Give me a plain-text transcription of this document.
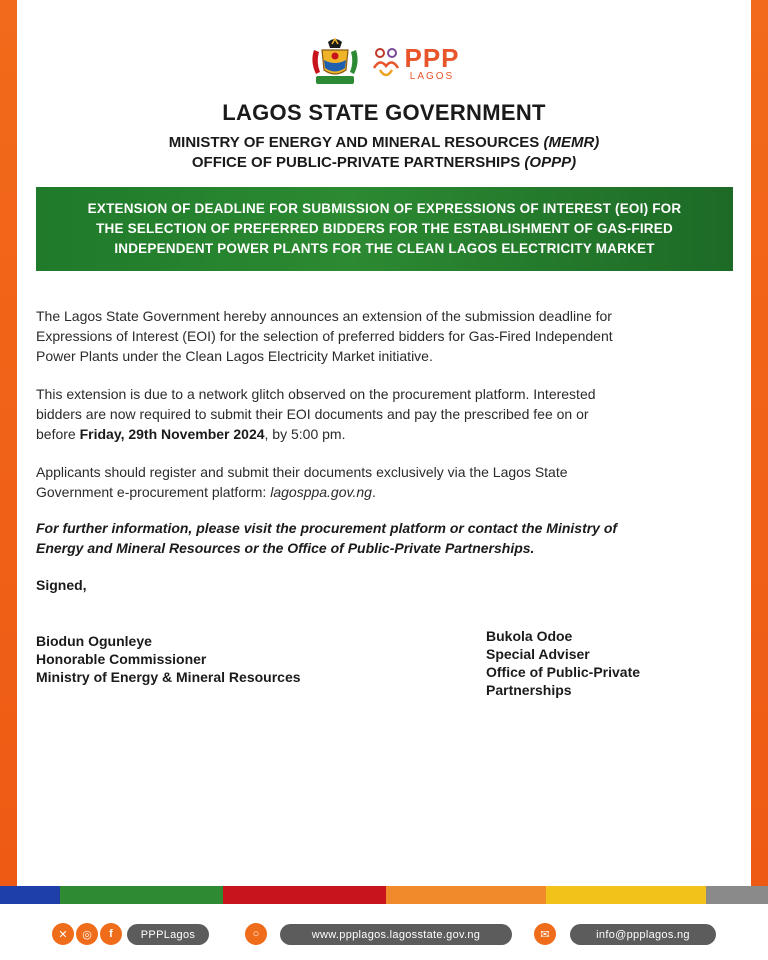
PPP
LAGOS
LAGOS STATE GOVERNMENT
MINISTRY OF ENERGY AND MINERAL RESOURCES (MEMR)
OFFICE OF PUBLIC-PRIVATE PARTNERSHIPS (OPPP)
EXTENSION OF DEADLINE FOR SUBMISSION OF EXPRESSIONS OF INTEREST (EOI) FOR
THE SELECTION OF PREFERRED BIDDERS FOR THE ESTABLISHMENT OF GAS-FIRED
INDEPENDENT POWER PLANTS FOR THE CLEAN LAGOS ELECTRICITY MARKET
The Lagos State Government hereby announces an extension of the submission deadline for
Expressions of Interest (EOI) for the selection of preferred bidders for Gas-Fired Independent
Power Plants under the Clean Lagos Electricity Market initiative.
This extension is due to a network glitch observed on the procurement platform. Interested
bidders are now required to submit their EOI documents and pay the prescribed fee on or
before Friday, 29th November 2024, by 5:00 pm.
Applicants should register and submit their documents exclusively via the Lagos State
Government e-procurement platform: lagosppa.gov.ng.
For further information, please visit the procurement platform or contact the Ministry of
Energy and Mineral Resources or the Office of Public-Private Partnerships.
Signed,
Biodun Ogunleye
Honorable Commissioner
Ministry of Energy & Mineral Resources
Bukola Odoe
Special Adviser
Office of Public-Private
Partnerships
✕	◎	f	PPPLagos	○	www.ppplagos.lagosstate.gov.ng	✉	info@ppplagos.ng
